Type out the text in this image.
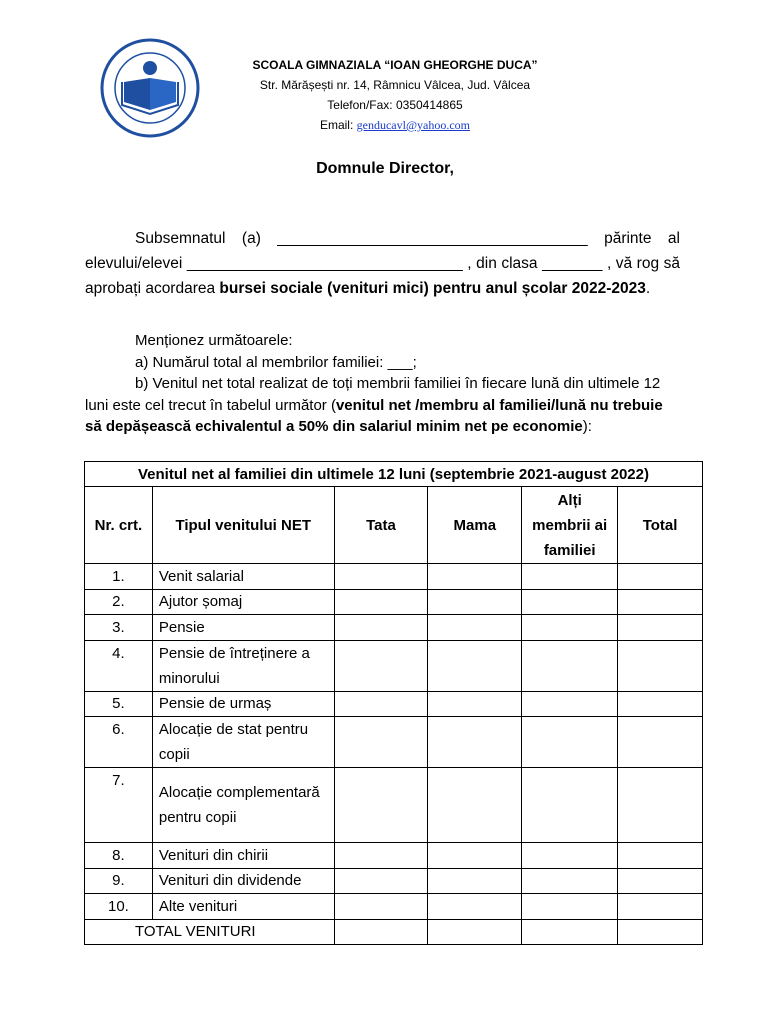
SCOALA GIMNAZIALA “IOAN GHEORGHE DUCA”
Str. Mărășești nr. 14, Râmnicu Vâlcea, Jud. Vâlcea
Telefon/Fax: 0350414865
Email: genducavl@yahoo.com
Domnule Director,

Subsemnatul (a) ____________________________________ părinte al elevului/elevei ________________________________ , din clasa _______ , vă rog să aprobați acordarea bursei sociale (venituri mici) pentru anul școlar 2022-2023.

Menționez următoarele:

a) Numărul total al membrilor familiei: ___;

b) Venitul net total realizat de toți membrii familiei în fiecare lună din ultimele 12 luni este cel trecut în tabelul următor (venitul net /membru al familiei/lună nu trebuie să depășească echivalentul a 50% din salariul minim net pe economie):

Venitul net al familiei din ultimele 12 luni (septembrie 2021-august 2022)					
Nr. crt.	Tipul venitului NET	Tata	Mama	Alți membrii ai familiei	Total
1.	Venit salarial				
2.	Ajutor șomaj				
3.	Pensie				
4.	Pensie de întreținere a minorului				
5.	Pensie de urmaș				
6.	Alocație de stat pentru copii				
7.	Alocație complementară pentru copii				
8.	Venituri din chirii				
9.	Venituri din dividende				
10.	Alte venituri				
TOTAL VENITURI					
